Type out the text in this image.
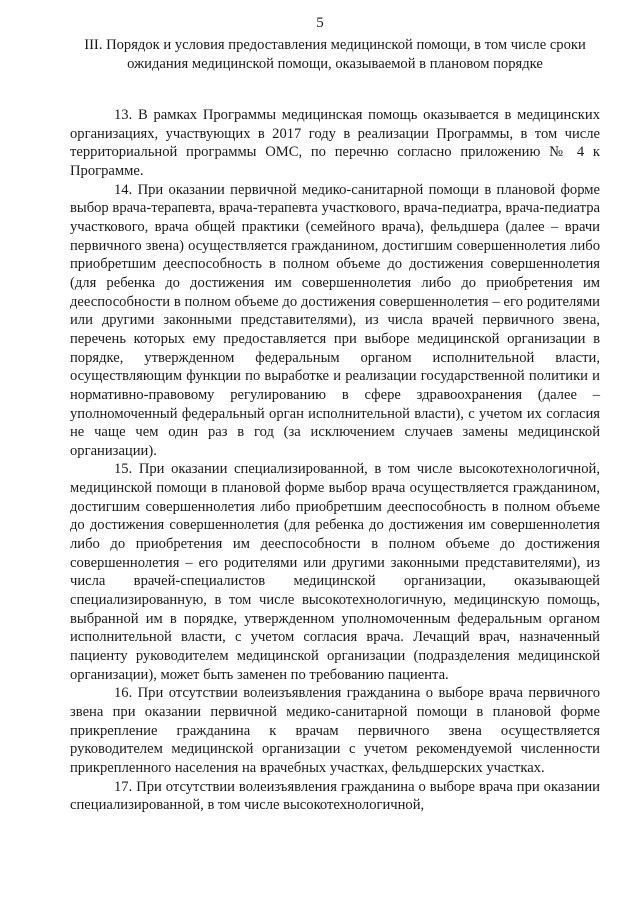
5
III. Порядок и условия предоставления медицинской помощи, в том числе сроки ожидания медицинской помощи, оказываемой в плановом порядке

13. В рамках Программы медицинская помощь оказывается в медицинских организациях, участвующих в 2017 году в реализации Программы, в том числе территориальной программы ОМС, по перечню согласно приложению № 4 к Программе.

14. При оказании первичной медико-санитарной помощи в плановой форме выбор врача-терапевта, врача-терапевта участкового, врача-педиатра, врача-педиатра участкового, врача общей практики (семейного врача), фельдшера (далее – врачи первичного звена) осуществляется гражданином, достигшим совершеннолетия либо приобретшим дееспособность в полном объеме до достижения совершеннолетия (для ребенка до достижения им совершеннолетия либо до приобретения им дееспособности в полном объеме до достижения совершеннолетия – его родителями или другими законными представителями), из числа врачей первичного звена, перечень которых ему предоставляется при выборе медицинской организации в порядке, утвержденном федеральным органом исполнительной власти, осуществляющим функции по выработке и реализации государственной политики и нормативно-правовому регулированию в сфере здравоохранения (далее – уполномоченный федеральный орган исполнительной власти), с учетом их согласия не чаще чем один раз в год (за исключением случаев замены медицинской организации).

15. При оказании специализированной, в том числе высокотехнологичной, медицинской помощи в плановой форме выбор врача осуществляется гражданином, достигшим совершеннолетия либо приобретшим дееспособность в полном объеме до достижения совершеннолетия (для ребенка до достижения им совершеннолетия либо до приобретения им дееспособности в полном объеме до достижения совершеннолетия – его родителями или другими законными представителями), из числа врачей-специалистов медицинской организации, оказывающей специализированную, в том числе высокотехнологичную, медицинскую помощь, выбранной им в порядке, утвержденном уполномоченным федеральным органом исполнительной власти, с учетом согласия врача. Лечащий врач, назначенный пациенту руководителем медицинской организации (подразделения медицинской организации), может быть заменен по требованию пациента.

16. При отсутствии волеизъявления гражданина о выборе врача первичного звена при оказании первичной медико-санитарной помощи в плановой форме прикрепление гражданина к врачам первичного звена осуществляется руководителем медицинской организации с учетом рекомендуемой численности прикрепленного населения на врачебных участках, фельдшерских участках.

17. При отсутствии волеизъявления гражданина о выборе врача при оказании специализированной, в том числе высокотехнологичной,
